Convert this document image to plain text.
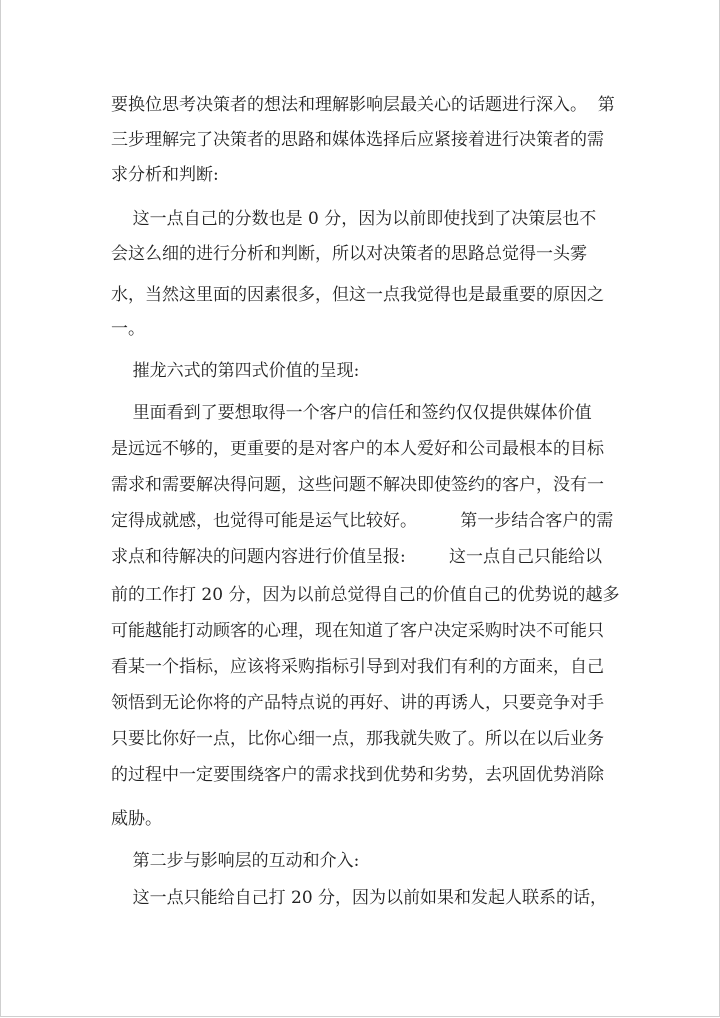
要换位思考决策者的想法和理解影响层最关心的话题进行深入。  第
三步理解完了决策者的思路和媒体选择后应紧接着进行决策者的需
求分析和判断:
这一点自己的分数也是 0 分，因为以前即使找到了决策层也不
会这么细的进行分析和判断，所以对决策者的思路总觉得一头雾
水，当然这里面的因素很多，但这一点我觉得也是最重要的原因之
一。
摧龙六式的第四式价值的呈现:
里面看到了要想取得一个客户的信任和签约仅仅提供媒体价值
是远远不够的，更重要的是对客户的本人爱好和公司最根本的目标
需求和需要解决得问题，这些问题不解决即使签约的客户，没有一
定得成就感，也觉得可能是运气比较好。        第一步结合客户的需
求点和待解决的问题内容进行价值呈报:        这一点自己只能给以
前的工作打 20 分，因为以前总觉得自己的价值自己的优势说的越多
可能越能打动顾客的心理，现在知道了客户决定采购时决不可能只
看某一个指标，应该将采购指标引导到对我们有利的方面来，自己
领悟到无论你将的产品特点说的再好、讲的再诱人，只要竞争对手
只要比你好一点，比你心细一点，那我就失败了。所以在以后业务
的过程中一定要围绕客户的需求找到优势和劣势，去巩固优势消除
威胁。
第二步与影响层的互动和介入:
这一点只能给自己打 20 分，因为以前如果和发起人联系的话，
